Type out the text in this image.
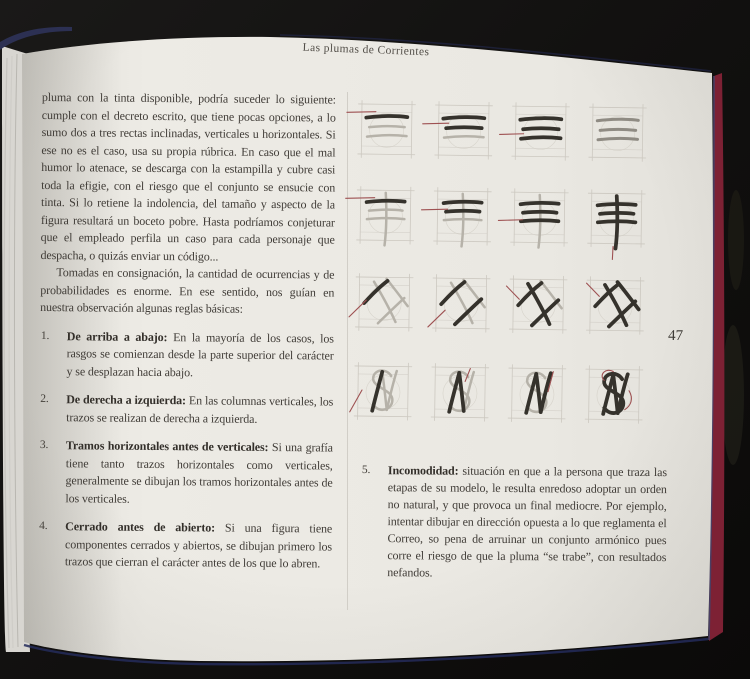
Las plumas de Corrientes

pluma con la tinta disponible, podría suceder lo siguiente: cumple con el decreto escrito, que tiene pocas opciones, a lo sumo dos a tres rectas inclinadas, verticales u horizontales. Si ese no es el caso, usa su propia rúbrica. En caso que el mal humor lo atenace, se descarga con la estampilla y cubre casi toda la efigie, con el riesgo que el conjunto se ensucie con tinta. Si lo retiene la indolencia, del tamaño y aspecto de la figura resultará un boceto pobre. Hasta podríamos conjeturar que el empleado perfila un caso para cada personaje que despacha, o quizás enviar un código...

Tomadas en consignación, la cantidad de ocurrencias y de probabilidades es enorme. En ese sentido, nos guían en nuestra observación algunas reglas básicas:

1.	De arriba a abajo: En la mayoría de los casos, los rasgos se comienzan desde la parte superior del carácter y se desplazan hacia abajo.
2.	De derecha a izquierda: En las columnas verticales, los trazos se realizan de derecha a izquierda.
3.	Tramos horizontales antes de verticales: Si una grafía tiene tanto trazos horizontales como verticales, generalmente se dibujan los tramos horizontales antes de los verticales.
4.	Cerrado antes de abierto: Si una figura tiene componentes cerrados y abiertos, se dibujan primero los trazos que cierran el carácter antes de los que lo abren.
47
5.	Incomodidad: situación en que a la persona que traza las etapas de su modelo, le resulta enredoso adoptar un orden no natural, y que provoca un final mediocre. Por ejemplo, intentar dibujar en dirección opuesta a lo que reglamenta el Correo, so pena de arruinar un conjunto armónico pues corre el riesgo de que la pluma “se trabe”, con resultados nefandos.
